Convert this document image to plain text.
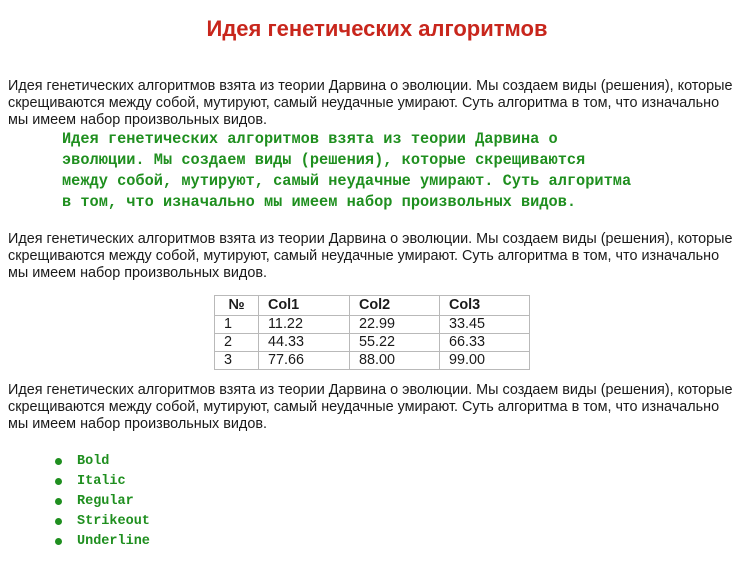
Идея генетических алгоритмов

Идея генетических алгоритмов взята из теории Дарвина о эволюции. Мы создаем виды (решения), которые скрещиваются между собой, мутируют, самый неудачные умирают. Суть алгоритма в том, что изначально мы имеем набор произвольных видов.

Идея генетических алгоритмов взята из теории Дарвина о
эволюции. Мы создаем виды (решения), которые скрещиваются
между собой, мутируют, самый неудачные умирают. Суть алгоритма
в том, что изначально мы имеем набор произвольных видов.

Идея генетических алгоритмов взята из теории Дарвина о эволюции. Мы создаем виды (решения), которые скрещиваются между собой, мутируют, самый неудачные умирают. Суть алгоритма в том, что изначально мы имеем набор произвольных видов.

№	Col1	Col2	Col3
1	11.22	22.99	33.45
2	44.33	55.22	66.33
3	77.66	88.00	99.00

Идея генетических алгоритмов взята из теории Дарвина о эволюции. Мы создаем виды (решения), которые скрещиваются между собой, мутируют, самый неудачные умирают. Суть алгоритма в том, что изначально мы имеем набор произвольных видов.

Bold
Italic
Regular
Strikeout
Underline
